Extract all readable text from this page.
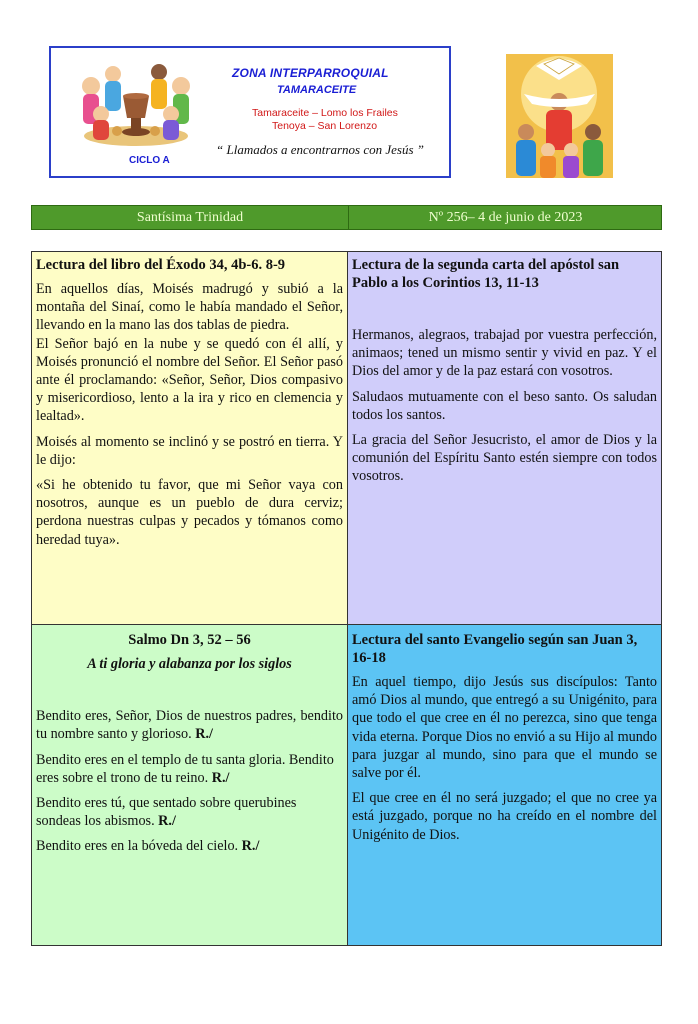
ZONA INTERPARROQUIAL
TAMARACEITE
Tamaraceite – Lomo los Frailes
Tenoya – San Lorenzo
“ Llamados a encontrarnos con Jesús ”
CICLO A
Santísima Trinidad	Nº 256– 4 de junio de 2023
Lectura del libro del Éxodo 34, 4b-6. 8-9

En aquellos días, Moisés madrugó y subió a la montaña del Sinaí, como le había mandado el Señor, llevando en la mano las dos tablas de piedra.

El Señor bajó en la nube y se quedó con él allí, y Moisés pronunció el nombre del Señor. El Señor pasó ante él proclamando: «Señor, Señor, Dios compasivo y misericordioso, lento a la ira y rico en clemencia y lealtad».

Moisés al momento se inclinó y se postró en tierra. Y le dijo:

«Si he obtenido tu favor, que mi Señor vaya con nosotros, aunque es un pueblo de dura cerviz; perdona nuestras culpas y pecados y tómanos como heredad tuya».

Lectura de la segunda carta del apóstol san Pablo a los Corintios 13, 11-13

Hermanos, alegraos, trabajad por vuestra perfección, animaos; tened un mismo sentir y vivid en paz. Y el Dios del amor y de la paz estará con vosotros.

Saludaos mutuamente con el beso santo. Os saludan todos los santos.

La gracia del Señor Jesucristo, el amor de Dios y la comunión del Espíritu Santo estén siempre con todos vosotros.

Salmo Dn 3, 52 – 56

A ti gloria y alabanza por los siglos

Bendito eres, Señor, Dios de nuestros padres, bendito tu nombre santo y glorioso. R./

Bendito eres en el templo de tu santa gloria. Bendito eres sobre el trono de tu reino. R./

Bendito eres tú, que sentado sobre querubines sondeas los abismos. R./

Bendito eres en la bóveda del cielo. R./

Lectura del santo Evangelio según san Juan 3, 16-18

En aquel tiempo, dijo Jesús sus discípulos: Tanto amó Dios al mundo, que entregó a su Unigénito, para que todo el que cree en él no perezca, sino que tenga vida eterna. Porque Dios no envió a su Hijo al mundo para juzgar al mundo, sino para que el mundo se salve por él.

El que cree en él no será juzgado; el que no cree ya está juzgado, porque no ha creído en el nombre del Unigénito de Dios.
